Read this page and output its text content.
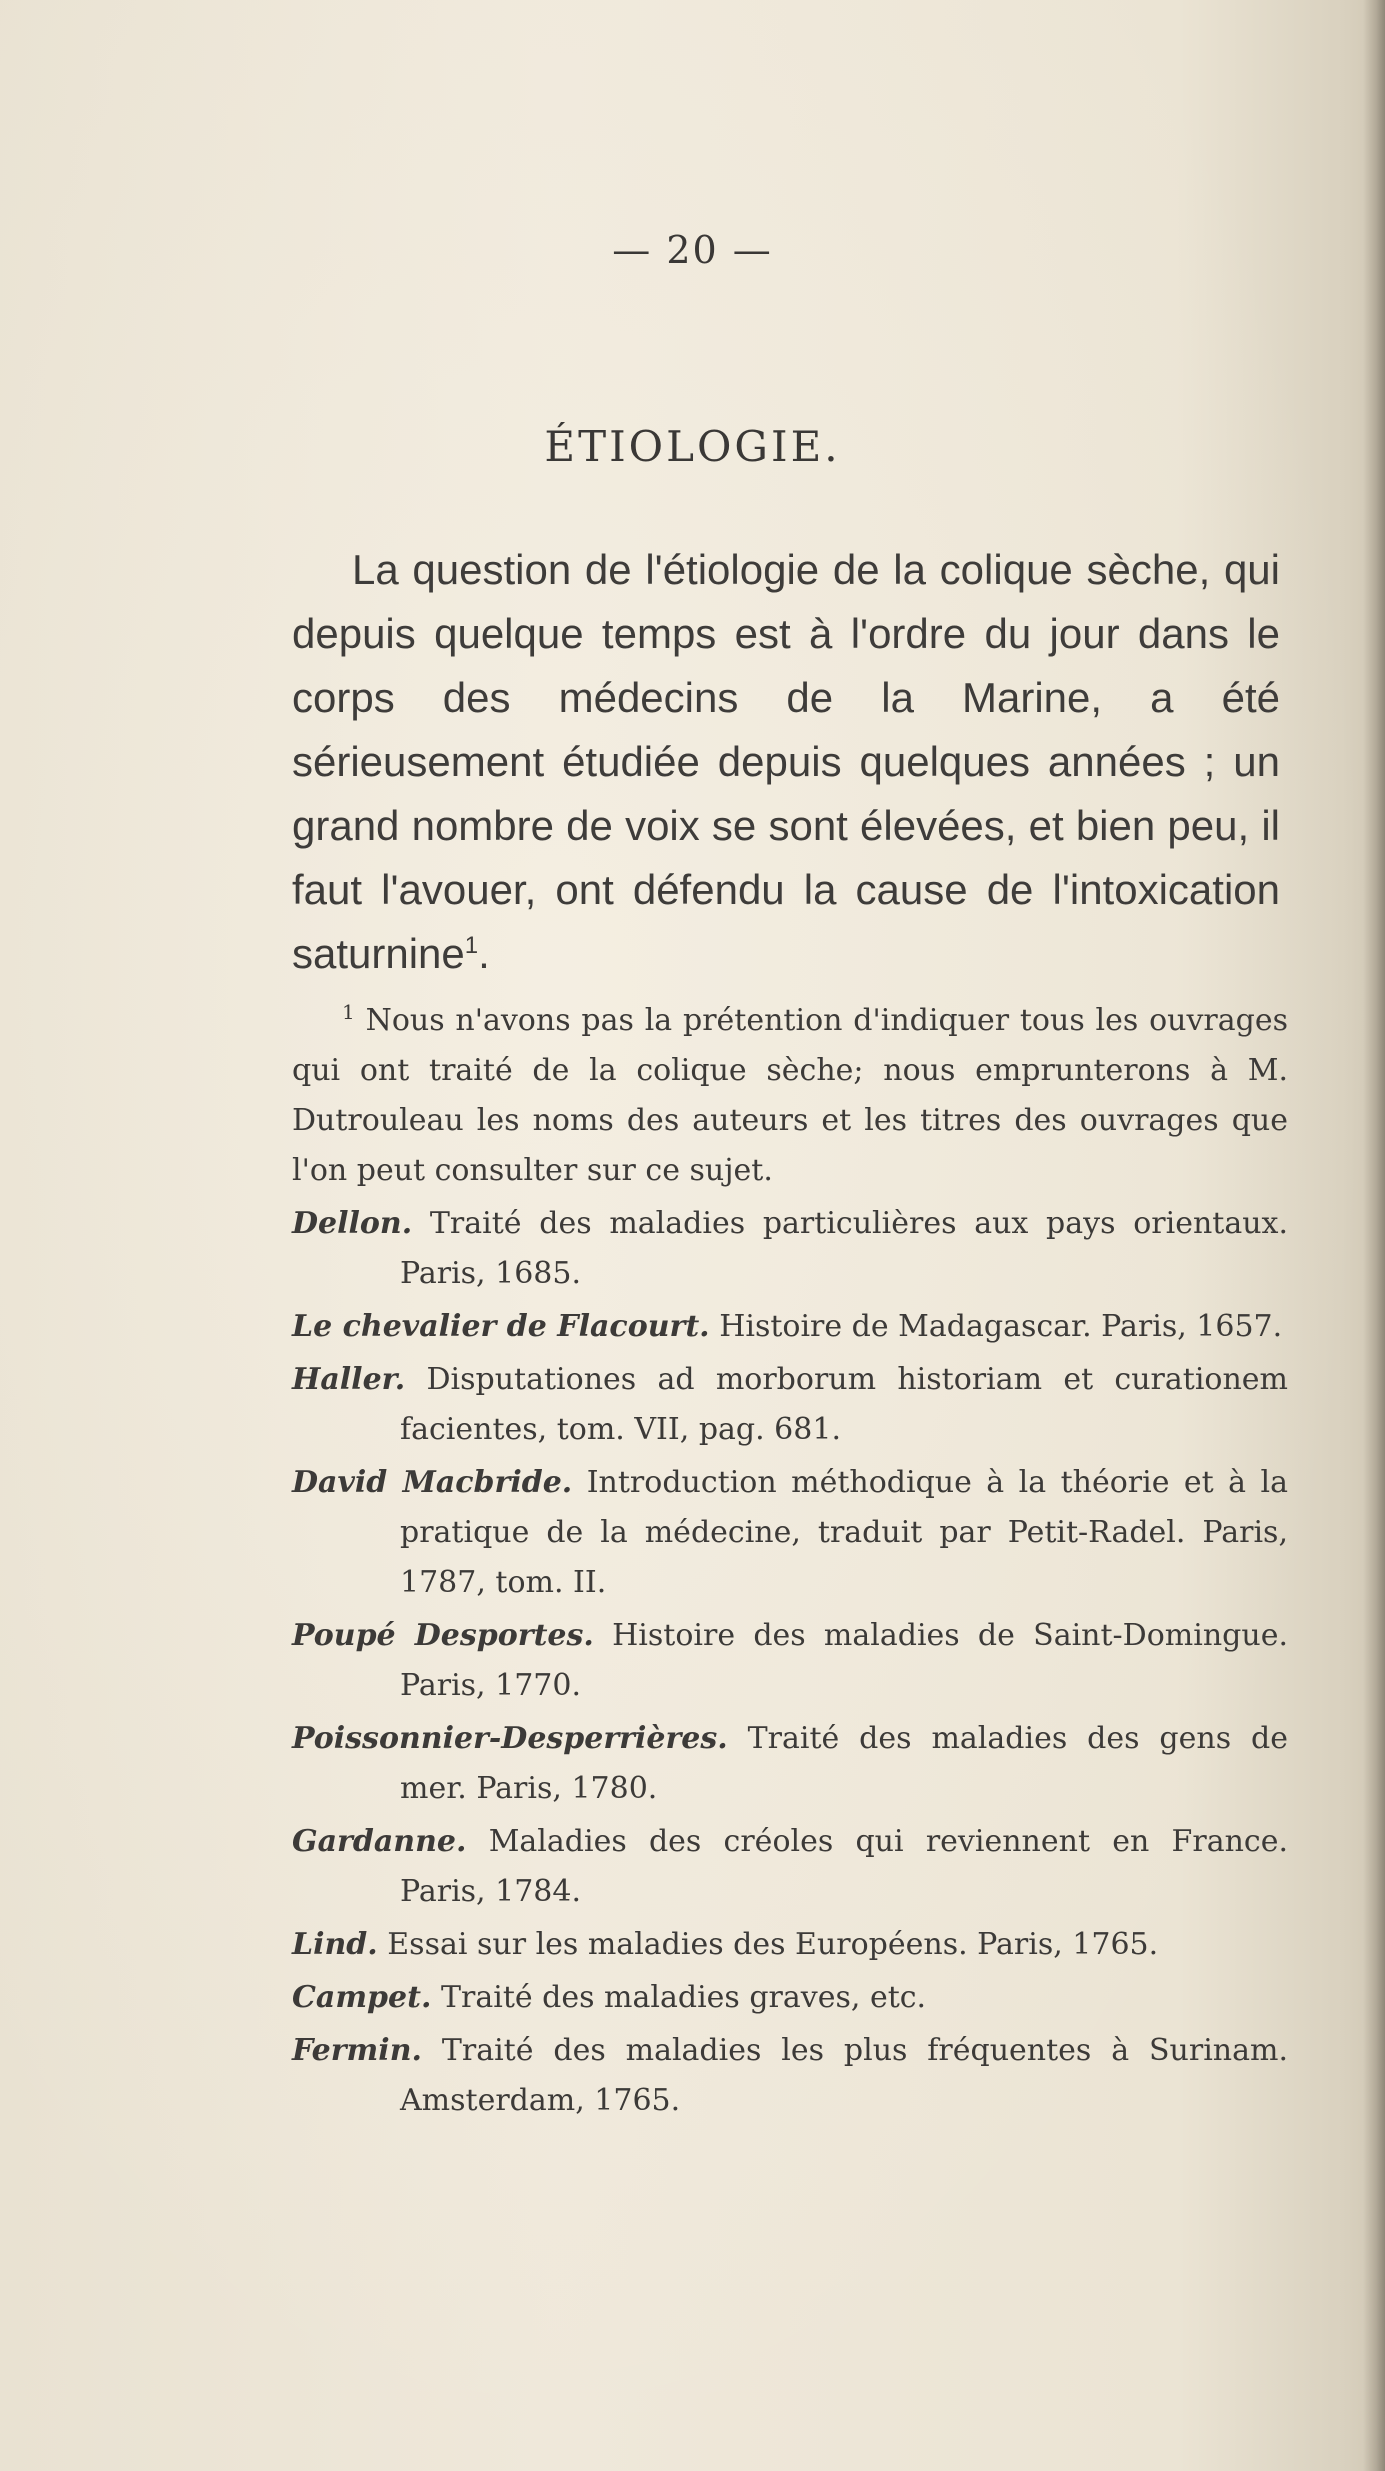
— 20 —
ÉTIOLOGIE.
La question de l'étiologie de la colique sèche, qui depuis quelque temps est à l'ordre du jour dans le corps des médecins de la Marine, a été sérieusement étudiée depuis quelques années ; un grand nombre de voix se sont élevées, et bien peu, il faut l'avouer, ont défendu la cause de l'intoxication saturnine$^1$.
$^1$ Nous n'avons pas la prétention d'indiquer tous les ouvrages qui ont traité de la colique sèche; nous emprunterons à M. Dutrouleau les noms des auteurs et les titres des ouvrages que l'on peut consulter sur ce sujet.
Dellon. Traité des maladies particulières aux pays orientaux. Paris, 1685.
Le chevalier de Flacourt. Histoire de Madagascar. Paris, 1657.
Haller. Disputationes ad morborum historiam et curationem facientes, tom. VII, pag. 681.
David Macbride. Introduction méthodique à la théorie et à la pratique de la médecine, traduit par Petit-Radel. Paris, 1787, tom. II.
Poupé Desportes. Histoire des maladies de Saint-Domingue. Paris, 1770.
Poissonnier-Desperrières. Traité des maladies des gens de mer. Paris, 1780.
Gardanne. Maladies des créoles qui reviennent en France. Paris, 1784.
Lind. Essai sur les maladies des Européens. Paris, 1765.
Campet. Traité des maladies graves, etc.
Fermin. Traité des maladies les plus fréquentes à Surinam. Amsterdam, 1765.
